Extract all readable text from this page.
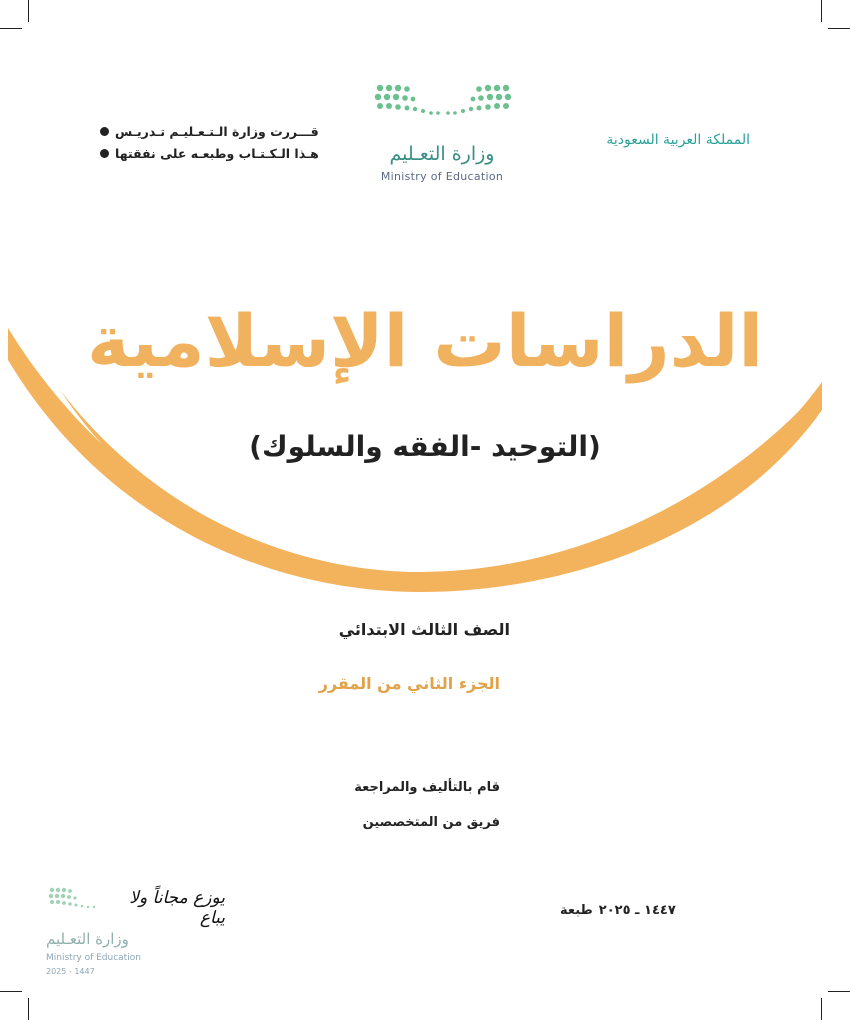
المملكة العربية السعودية
قـــررت وزارة الـتـعـليـم تـدريـس
هـذا الـكـتـاب وطبعـه على نفقتها	وزارة التعـليم
Ministry of Education
الدراسات الإسلامية
(التوحيد -الفقه والسلوك)
الصف الثالث الابتدائي
الجزء الثاني من المقرر
قام بالتأليف والمراجعة
فريق من المتخصصين
طبعة ١٤٤٧ ـ ٢٠٢٥
يوزع مجاناً ولا يباع
وزارة التعـليم
Ministry of Education
2025 - 1447
